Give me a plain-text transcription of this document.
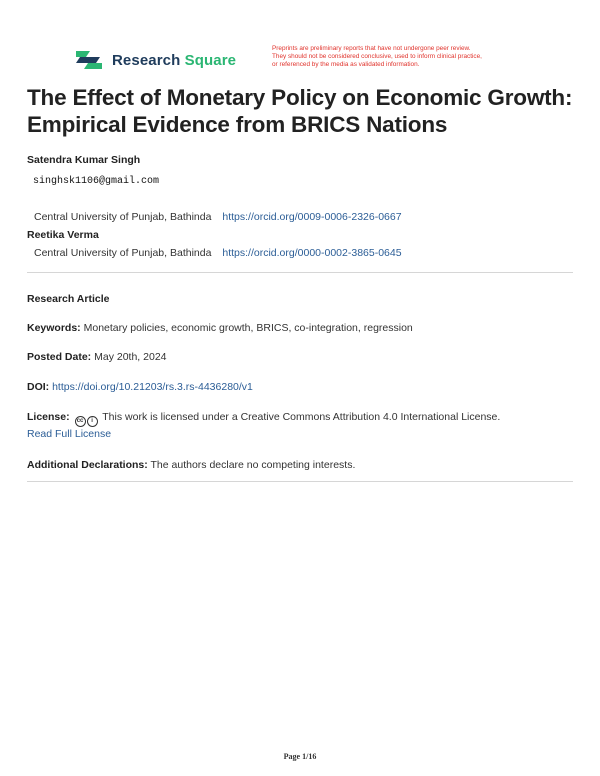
Research Square
Preprints are preliminary reports that have not undergone peer review.
They should not be considered conclusive, used to inform clinical practice,
or referenced by the media as validated information.
The Effect of Monetary Policy on Economic Growth: Empirical Evidence from BRICS Nations
Satendra Kumar Singh
singhsk1106@gmail.com
Central University of Punjab, Bathinda https://orcid.org/0009-0006-2326-0667
Reetika Verma
Central University of Punjab, Bathinda https://orcid.org/0000-0002-3865-0645
Research Article
Keywords: Monetary policies, economic growth, BRICS, co-integration, regression
Posted Date: May 20th, 2024
DOI: https://doi.org/10.21203/rs.3.rs-4436280/v1
License:	cc	i This work is licensed under a Creative Commons Attribution 4.0 International License.
Read Full License
Additional Declarations: The authors declare no competing interests.
Page 1/16
